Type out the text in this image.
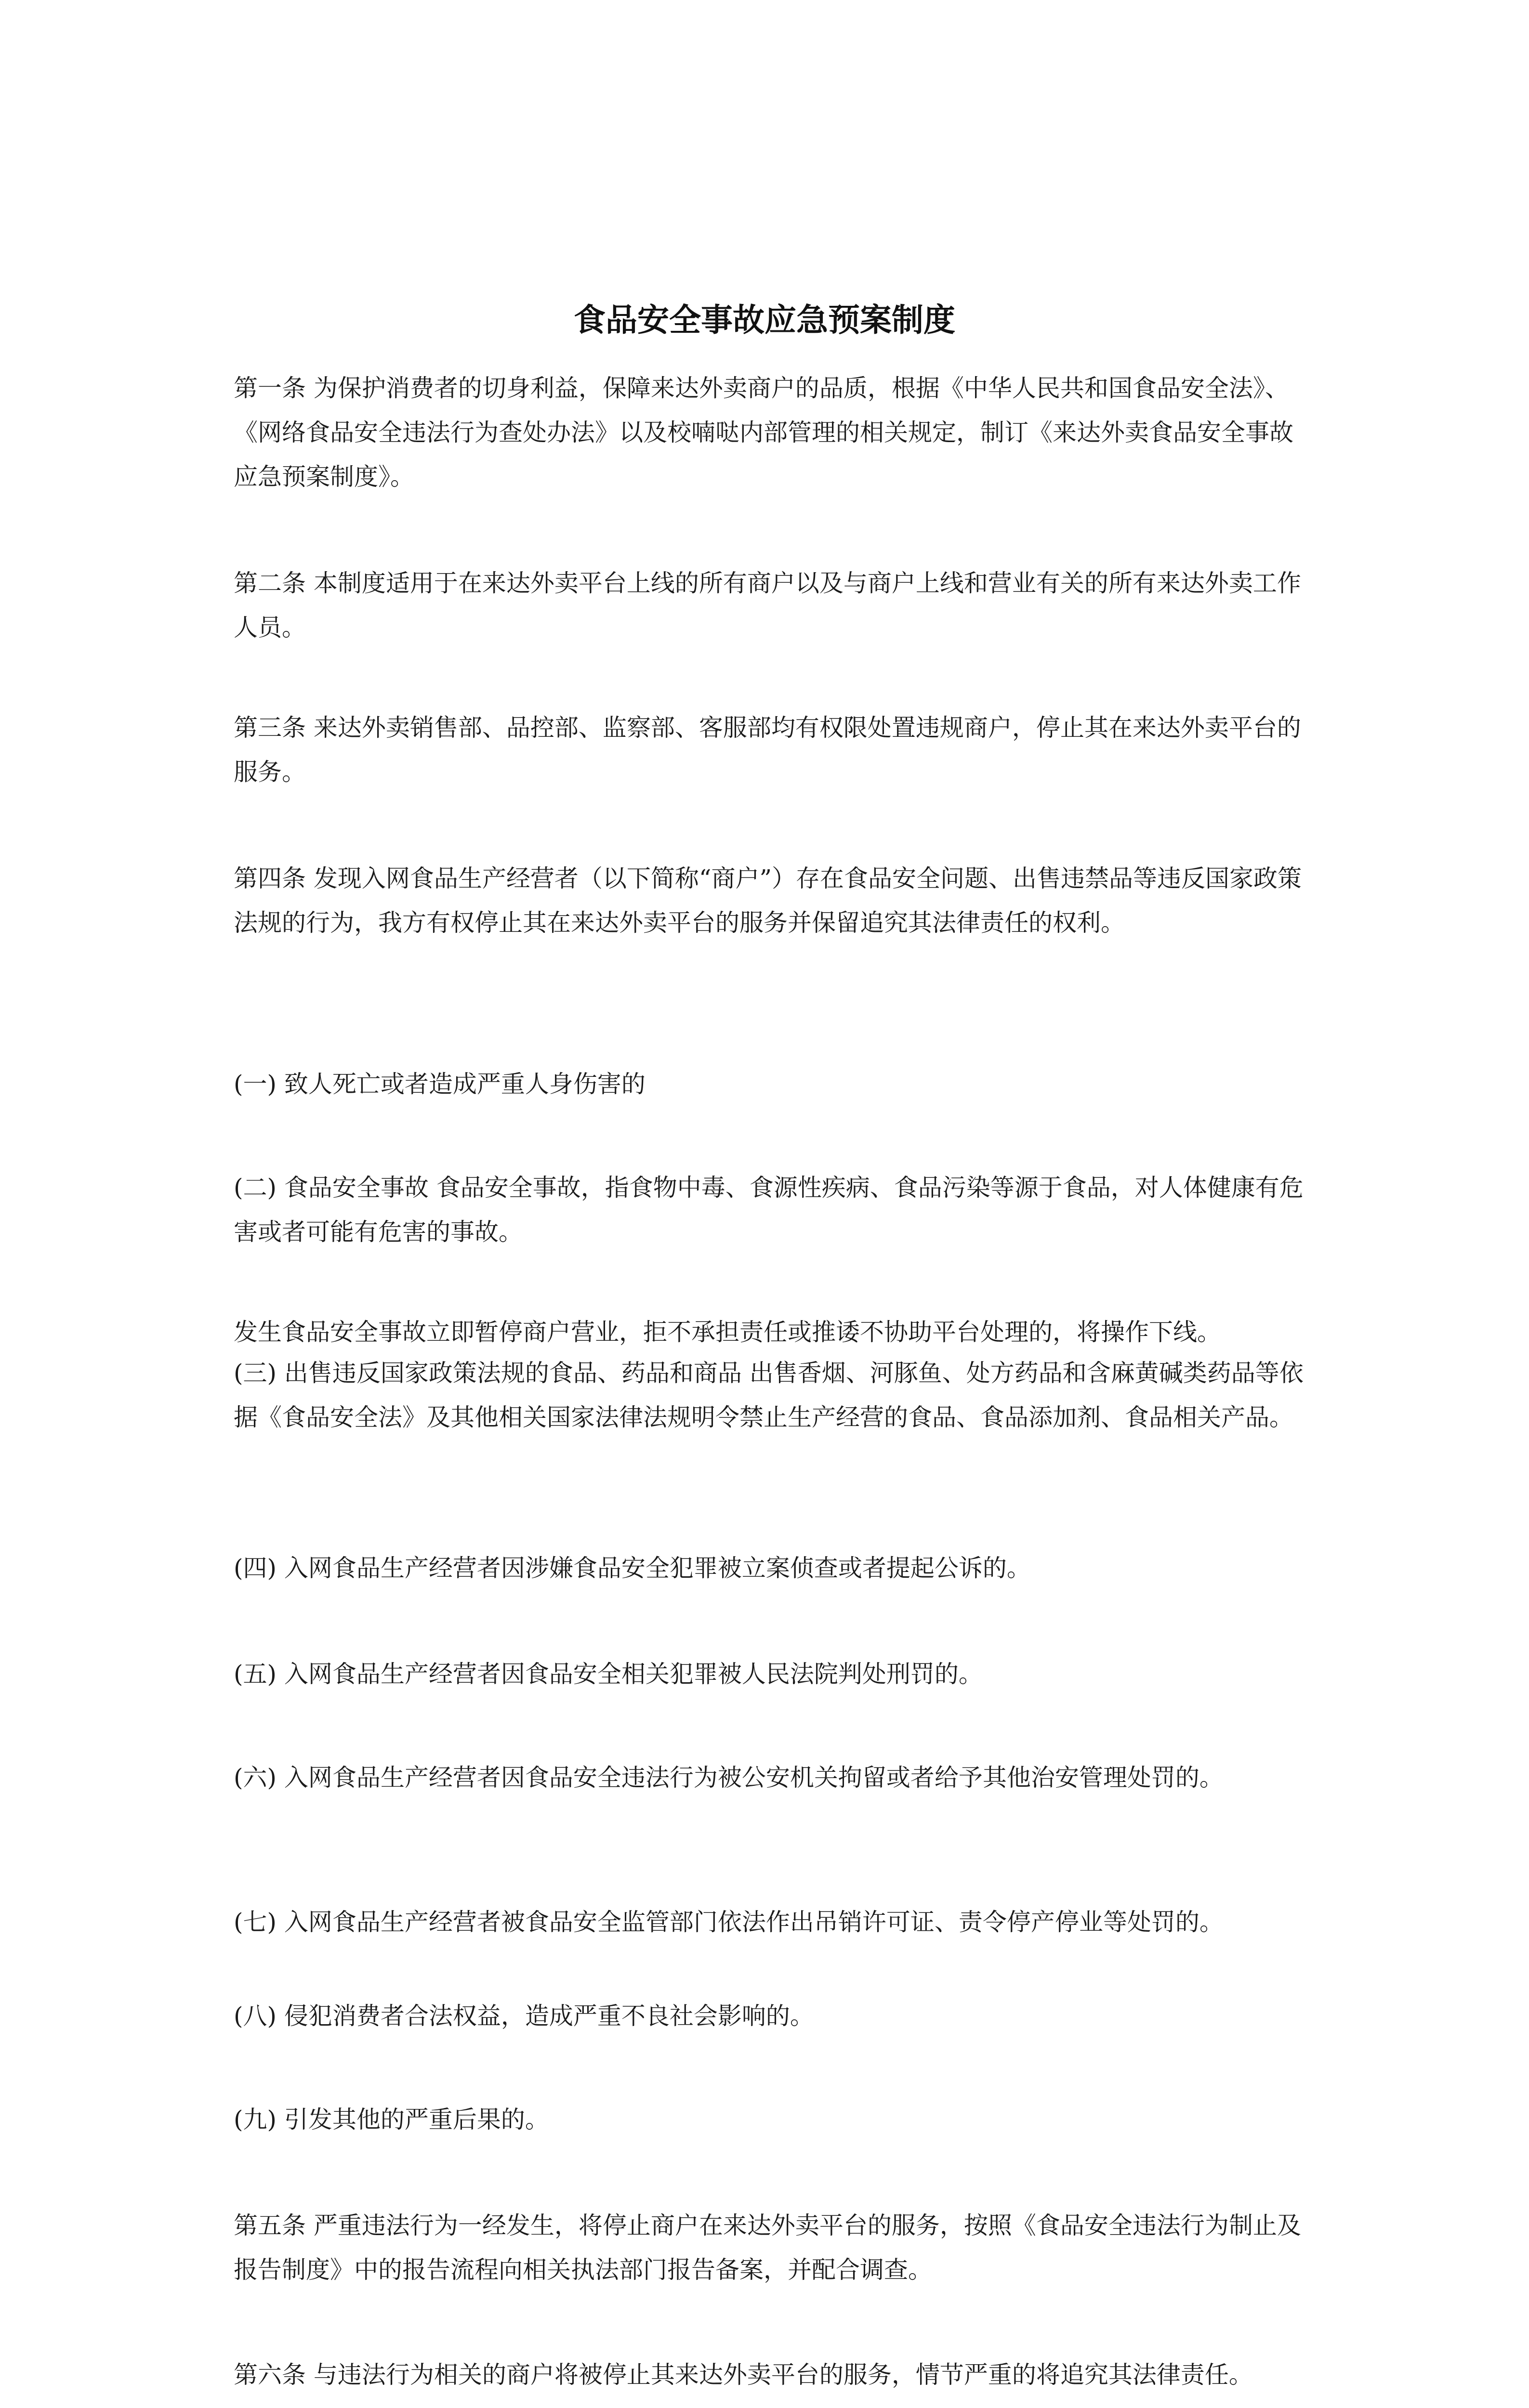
食品安全事故应急预案制度

第一条 为保护消费者的切身利益，保障来达外卖商户的品质，根据《中华人民共和国食品安全法》、《网络食品安全违法行为查处办法》以及校喃哒内部管理的相关规定，制订《来达外卖食品安全事故应急预案制度》。

第二条 本制度适用于在来达外卖平台上线的所有商户以及与商户上线和营业有关的所有来达外卖工作人员。

第三条 来达外卖销售部、品控部、监察部、客服部均有权限处置违规商户，停止其在来达外卖平台的服务。

第四条 发现入网食品生产经营者（以下简称“商户”）存在食品安全问题、出售违禁品等违反国家政策法规的行为，我方有权停止其在来达外卖平台的服务并保留追究其法律责任的权利。

(一) 致人死亡或者造成严重人身伤害的

(二) 食品安全事故 食品安全事故，指食物中毒、食源性疾病、食品污染等源于食品，对人体健康有危害或者可能有危害的事故。

发生食品安全事故立即暂停商户营业，拒不承担责任或推诿不协助平台处理的，将操作下线。

(三) 出售违反国家政策法规的食品、药品和商品 出售香烟、河豚鱼、处方药品和含麻黄碱类药品等依据《食品安全法》及其他相关国家法律法规明令禁止生产经营的食品、食品添加剂、食品相关产品。

(四) 入网食品生产经营者因涉嫌食品安全犯罪被立案侦查或者提起公诉的。

(五) 入网食品生产经营者因食品安全相关犯罪被人民法院判处刑罚的。

(六) 入网食品生产经营者因食品安全违法行为被公安机关拘留或者给予其他治安管理处罚的。

(七) 入网食品生产经营者被食品安全监管部门依法作出吊销许可证、责令停产停业等处罚的。

(八) 侵犯消费者合法权益，造成严重不良社会影响的。

(九) 引发其他的严重后果的。

第五条 严重违法行为一经发生，将停止商户在来达外卖平台的服务，按照《食品安全违法行为制止及报告制度》中的报告流程向相关执法部门报告备案，并配合调查。

第六条 与违法行为相关的商户将被停止其来达外卖平台的服务，情节严重的将追究其法律责任。
